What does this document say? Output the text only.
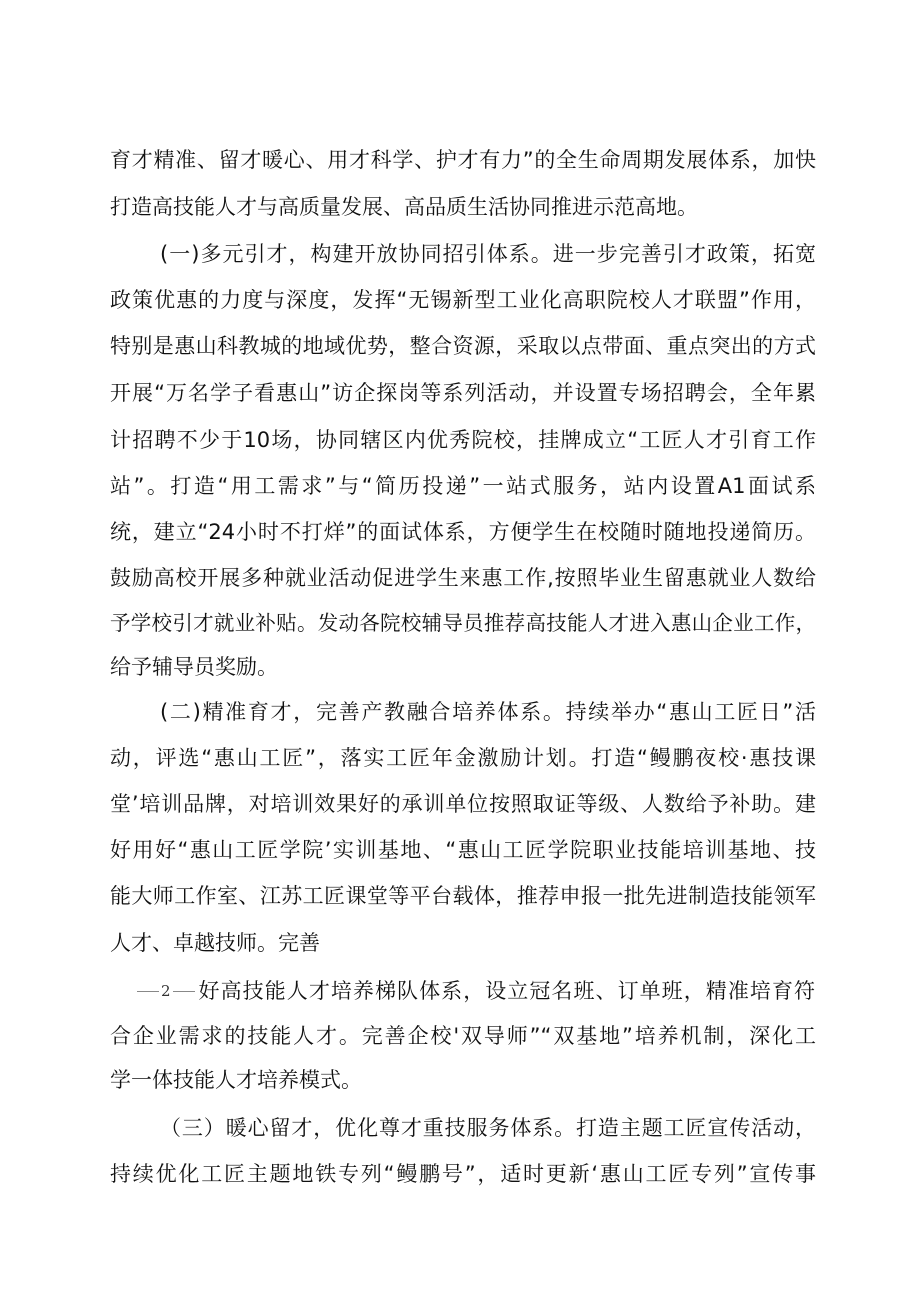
育才精准、留才暖心、用才科学、护才有力”的全生命周期发展体系，加快
打造高技能人才与高质量发展、高品质生活协同推进示范高地。
(一)多元引才，构建开放协同招引体系。进一步完善引才政策，拓宽
政策优惠的力度与深度，发挥“无锡新型工业化高职院校人才联盟”作用，
特别是惠山科教城的地域优势，整合资源，采取以点带面、重点突出的方式
开展“万名学子看惠山”访企探岗等系列活动，并设置专场招聘会，全年累
计招聘不少于10场，协同辖区内优秀院校，挂牌成立“工匠人才引育工作
站”。打造“用工需求”与“简历投递”一站式服务，站内设置A1面试系
统，建立“24小时不打烊”的面试体系，方便学生在校随时随地投递简历。
鼓励高校开展多种就业活动促进学生来惠工作,按照毕业生留惠就业人数给
予学校引才就业补贴。发动各院校辅导员推荐高技能人才进入惠山企业工作，
给予辅导员奖励。
(二)精准育才，完善产教融合培养体系。持续举办“惠山工匠日”活
动，评选“惠山工匠”，落实工匠年金激励计划。打造“鳗鹏夜校·惠技课
堂’培训品牌，对培训效果好的承训单位按照取证等级、人数给予补助。建
好用好“惠山工匠学院’实训基地、“惠山工匠学院职业技能培训基地、技
能大师工作室、江苏工匠课堂等平台载体，推荐申报一批先进制造技能领军
人才、卓越技师。完善
2 好高技能人才培养梯队体系，设立冠名班、订单班，精准培育符
合企业需求的技能人才。完善企校'双导师”“双基地”培养机制，深化工
学一体技能人才培养模式。
（三）暖心留才，优化尊才重技服务体系。打造主题工匠宣传活动，
持续优化工匠主题地铁专列“鳗鹏号”，适时更新‘惠山工匠专列”宣传事
